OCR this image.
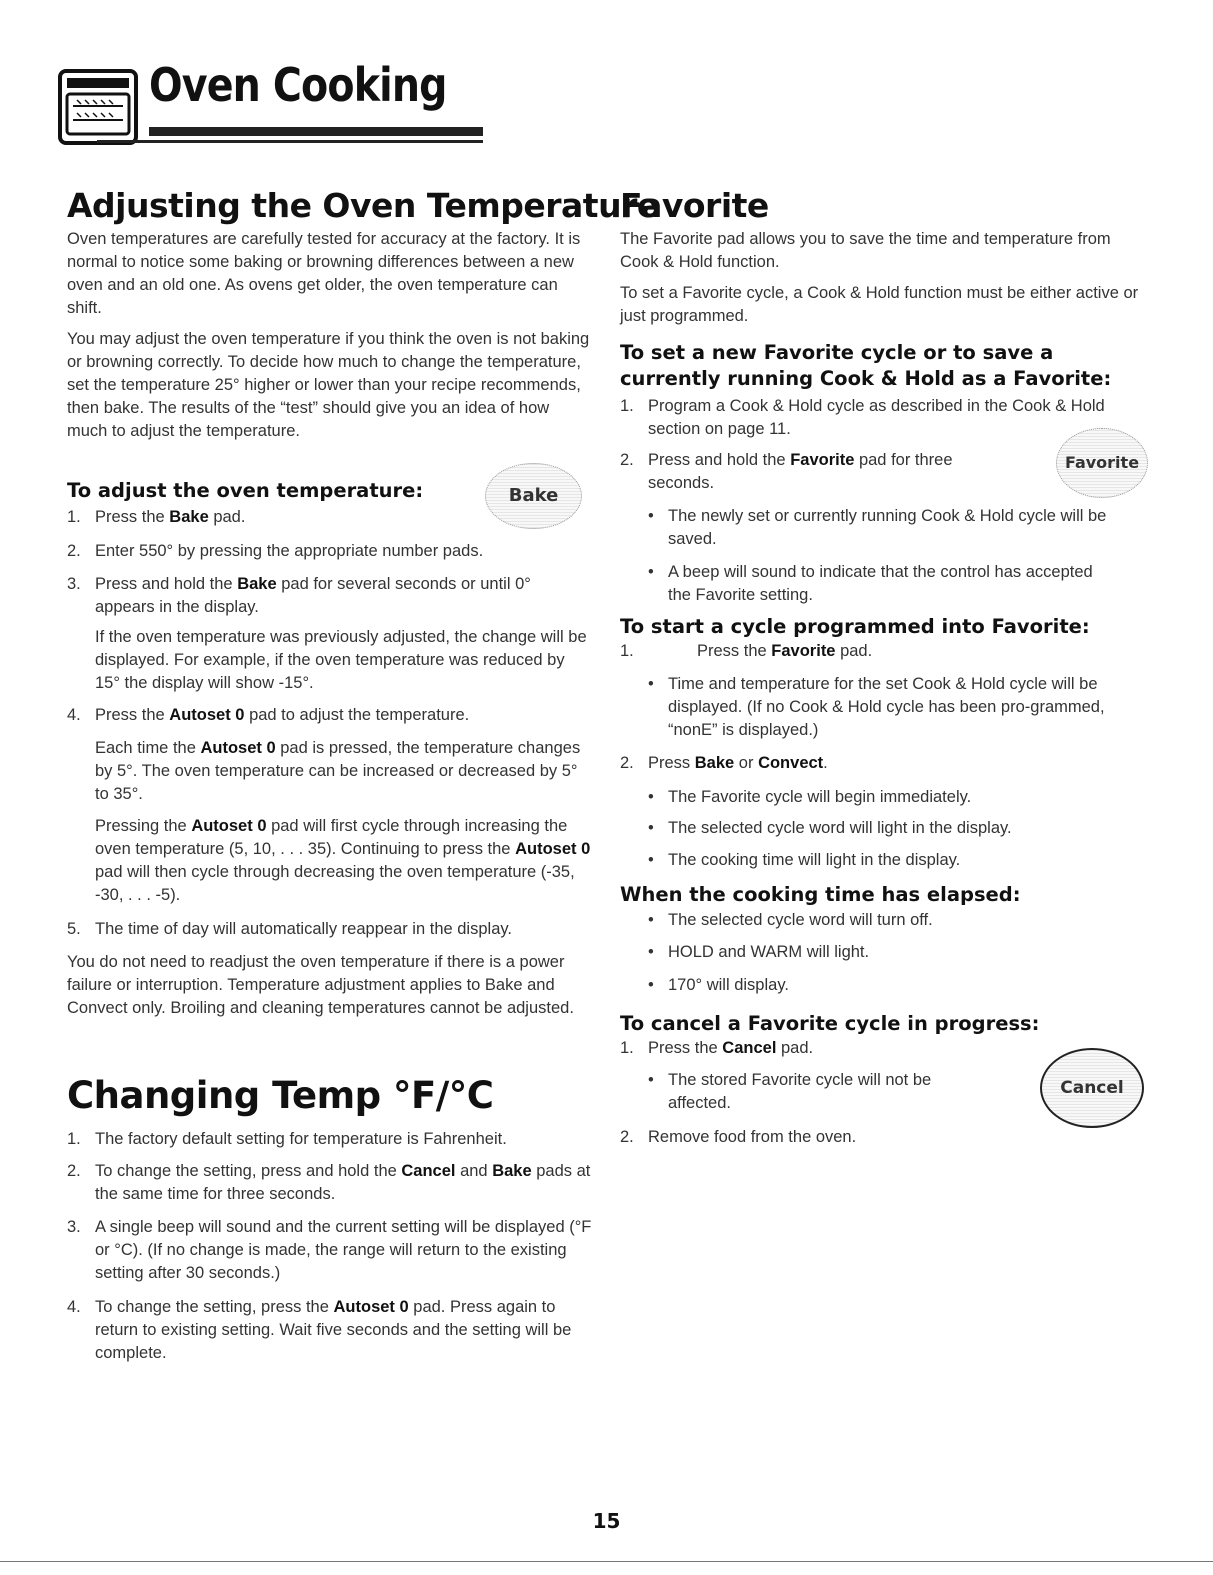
Oven Cooking
Adjusting the Oven Temperature

Oven temperatures are carefully tested for accuracy at the factory. It is normal to notice some baking or browning differences between a new oven and an old one. As ovens get older, the oven temperature can shift.

You may adjust the oven temperature if you think the oven is not baking or browning correctly. To decide how much to change the temperature, set the temperature 25° higher or lower than your recipe recommends, then bake. The results of the “test” should give you an idea of how much to adjust the temperature.

To adjust the oven temperature:	Bake
1. Press the Bake pad.
2. Enter 550° by pressing the appropriate number pads.
3. Press and hold the Bake pad for several seconds or until 0° appears in the display.
If the oven temperature was previously adjusted, the change will be displayed. For example, if the oven temperature was reduced by 15° the display will show -15°.
4. Press the Autoset 0 pad to adjust the temperature.
Each time the Autoset 0 pad is pressed, the temperature changes by 5°. The oven temperature can be increased or decreased by 5° to 35°.
Pressing the Autoset 0 pad will first cycle through increasing the oven temperature (5, 10, . . . 35). Continuing to press the Autoset 0 pad will then cycle through decreasing the oven temperature (-35, -30, . . . -5).
5. The time of day will automatically reappear in the display.

You do not need to readjust the oven temperature if there is a power failure or interruption. Temperature adjustment applies to Bake and Convect only. Broiling and cleaning temperatures cannot be adjusted.

Changing Temp °F/°C
1. The factory default setting for temperature is Fahrenheit.
2. To change the setting, press and hold the Cancel and Bake pads at the same time for three seconds.
3. A single beep will sound and the current setting will be displayed (°F or °C). (If no change is made, the range will return to the existing setting after 30 seconds.)
4. To change the setting, press the Autoset 0 pad. Press again to return to existing setting. Wait five seconds and the setting will be complete.
Favorite

The Favorite pad allows you to save the time and temperature from Cook & Hold function.

To set a Favorite cycle, a Cook & Hold function must be either active or just programmed.

To set a new Favorite cycle or to save a currently running Cook & Hold as a Favorite:
1. Program a Cook & Hold cycle as described in the Cook & Hold section on page 11.
2. Press and hold the Favorite pad for three seconds.
Favorite
• The newly set or currently running Cook & Hold cycle will be saved.
• A beep will sound to indicate that the control has accepted the Favorite setting.
To start a cycle programmed into Favorite:
1.	Press the Favorite pad.
• Time and temperature for the set Cook & Hold cycle will be displayed. (If no Cook & Hold cycle has been pro-grammed, “nonE” is displayed.)
2. Press Bake or Convect.
• The Favorite cycle will begin immediately.
• The selected cycle word will light in the display.
• The cooking time will light in the display.
When the cooking time has elapsed:
• The selected cycle word will turn off.
• HOLD and WARM will light.
• 170° will display.
To cancel a Favorite cycle in progress:
1. Press the Cancel pad.
• The stored Favorite cycle will not be affected.
Cancel
2. Remove food from the oven.
15
